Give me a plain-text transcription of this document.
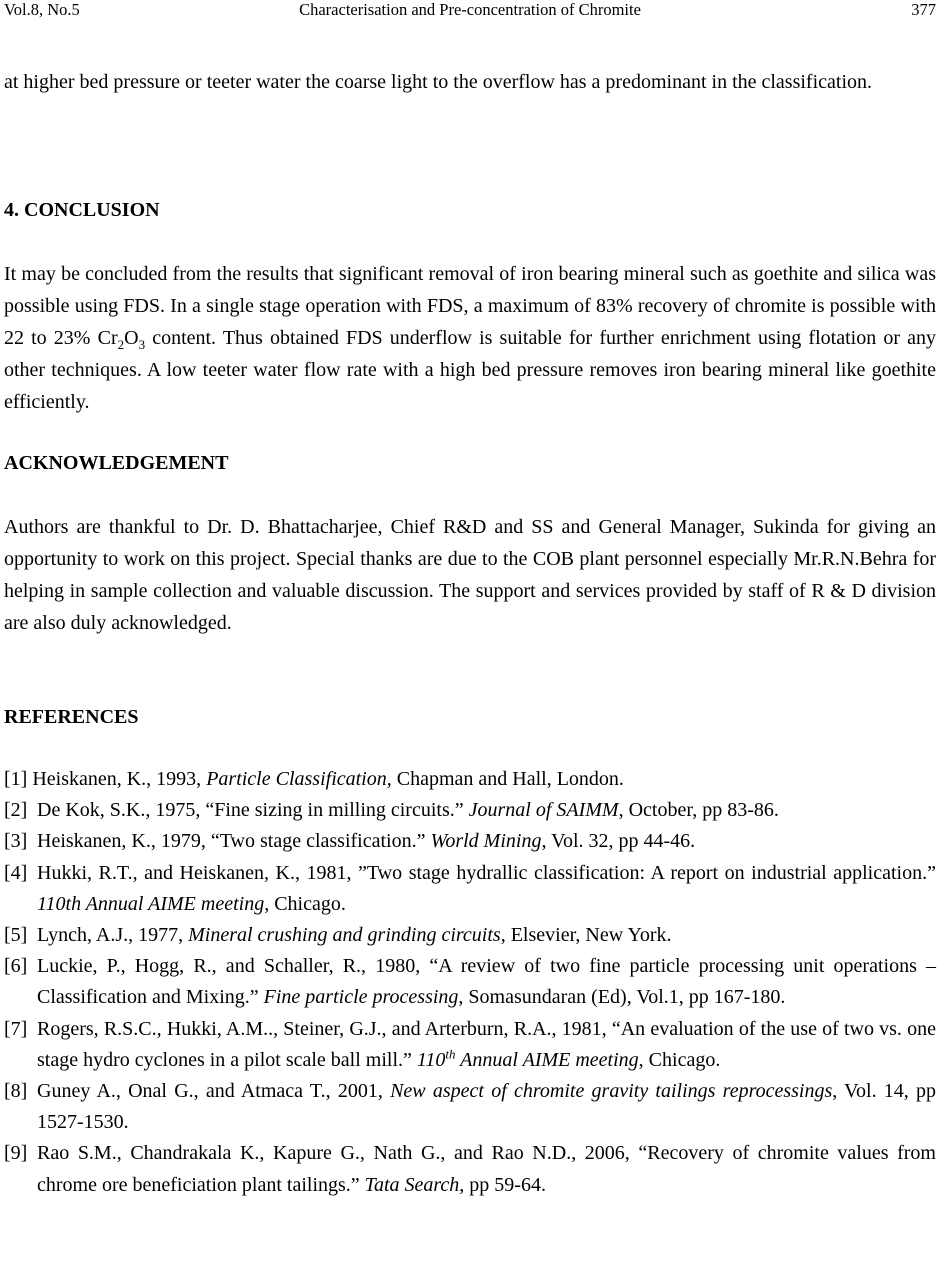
Vol.8, No.5	Characterisation and Pre-concentration of Chromite	377
at higher bed pressure or teeter water the coarse light to the overflow has a predominant in the classification.
4. CONCLUSION
It may be concluded from the results that significant removal of iron bearing mineral such as goethite and silica was possible using FDS. In a single stage operation with FDS, a maximum of 83% recovery of chromite is possible with 22 to 23% $Cr_2O_3$ content. Thus obtained FDS underflow is suitable for further enrichment using flotation or any other techniques. A low teeter water flow rate with a high bed pressure removes iron bearing mineral like goethite efficiently.
ACKNOWLEDGEMENT
Authors are thankful to Dr. D. Bhattacharjee, Chief R&D and SS and General Manager, Sukinda for giving an opportunity to work on this project. Special thanks are due to the COB plant personnel especially Mr.R.N.Behra for helping in sample collection and valuable discussion. The support and services provided by staff of R & D division are also duly acknowledged.
REFERENCES
[1] Heiskanen, K., 1993, Particle Classification, Chapman and Hall, London.
[2] De Kok, S.K., 1975, “Fine sizing in milling circuits.” Journal of SAIMM, October, pp 83-86.
[3] Heiskanen, K., 1979, “Two stage classification.” World Mining, Vol. 32, pp 44-46.
[4] Hukki, R.T., and Heiskanen, K., 1981, ”Two stage hydrallic classification: A report on industrial application.” 110th Annual AIME meeting, Chicago.
[5] Lynch, A.J., 1977, Mineral crushing and grinding circuits, Elsevier, New York.
[6] Luckie, P., Hogg, R., and Schaller, R., 1980, “A review of two fine particle processing unit operations – Classification and Mixing.” Fine particle processing, Somasundaran (Ed), Vol.1, pp 167-180.
[7] Rogers, R.S.C., Hukki, A.M.., Steiner, G.J., and Arterburn, R.A., 1981, “An evaluation of the use of two vs. one stage hydro cyclones in a pilot scale ball mill.” 110th Annual AIME meeting, Chicago.
[8] Guney A., Onal G., and Atmaca T., 2001, New aspect of chromite gravity tailings reprocessings, Vol. 14, pp 1527-1530.
[9] Rao S.M., Chandrakala K., Kapure G., Nath G., and Rao N.D., 2006, “Recovery of chromite values from chrome ore beneficiation plant tailings.” Tata Search, pp 59-64.
